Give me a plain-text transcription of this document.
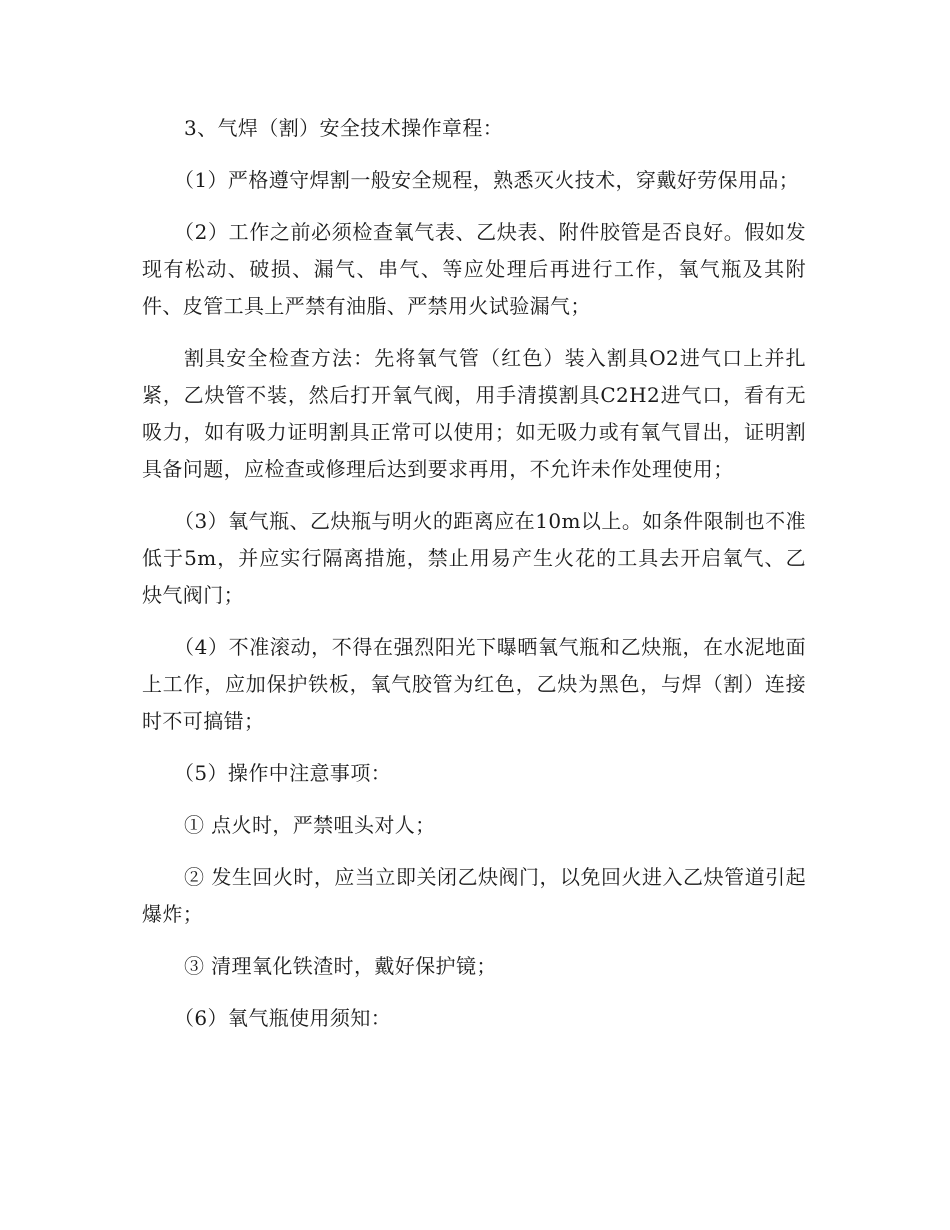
3、气焊（割）安全技术操作章程：

（1）严格遵守焊割一般安全规程，熟悉灭火技术，穿戴好劳保用品；

（2）工作之前必须检查氧气表、乙炔表、附件胶管是否良好。假如发现有松动、破损、漏气、串气、等应处理后再进行工作，氧气瓶及其附件、皮管工具上严禁有油脂、严禁用火试验漏气；

割具安全检查方法：先将氧气管（红色）装入割具O2进气口上并扎紧，乙炔管不装，然后打开氧气阀，用手清摸割具C2H2进气口，看有无吸力，如有吸力证明割具正常可以使用；如无吸力或有氧气冒出，证明割具备问题，应检查或修理后达到要求再用，不允许未作处理使用；

（3）氧气瓶、乙炔瓶与明火的距离应在10m以上。如条件限制也不准低于5m，并应实行隔离措施，禁止用易产生火花的工具去开启氧气、乙炔气阀门；

（4）不准滚动，不得在强烈阳光下曝晒氧气瓶和乙炔瓶，在水泥地面上工作，应加保护铁板，氧气胶管为红色，乙炔为黑色，与焊（割）连接时不可搞错；

（5）操作中注意事项：

① 点火时，严禁咀头对人；

② 发生回火时，应当立即关闭乙炔阀门，以免回火进入乙炔管道引起爆炸；

③ 清理氧化铁渣时，戴好保护镜；

（6）氧气瓶使用须知：
